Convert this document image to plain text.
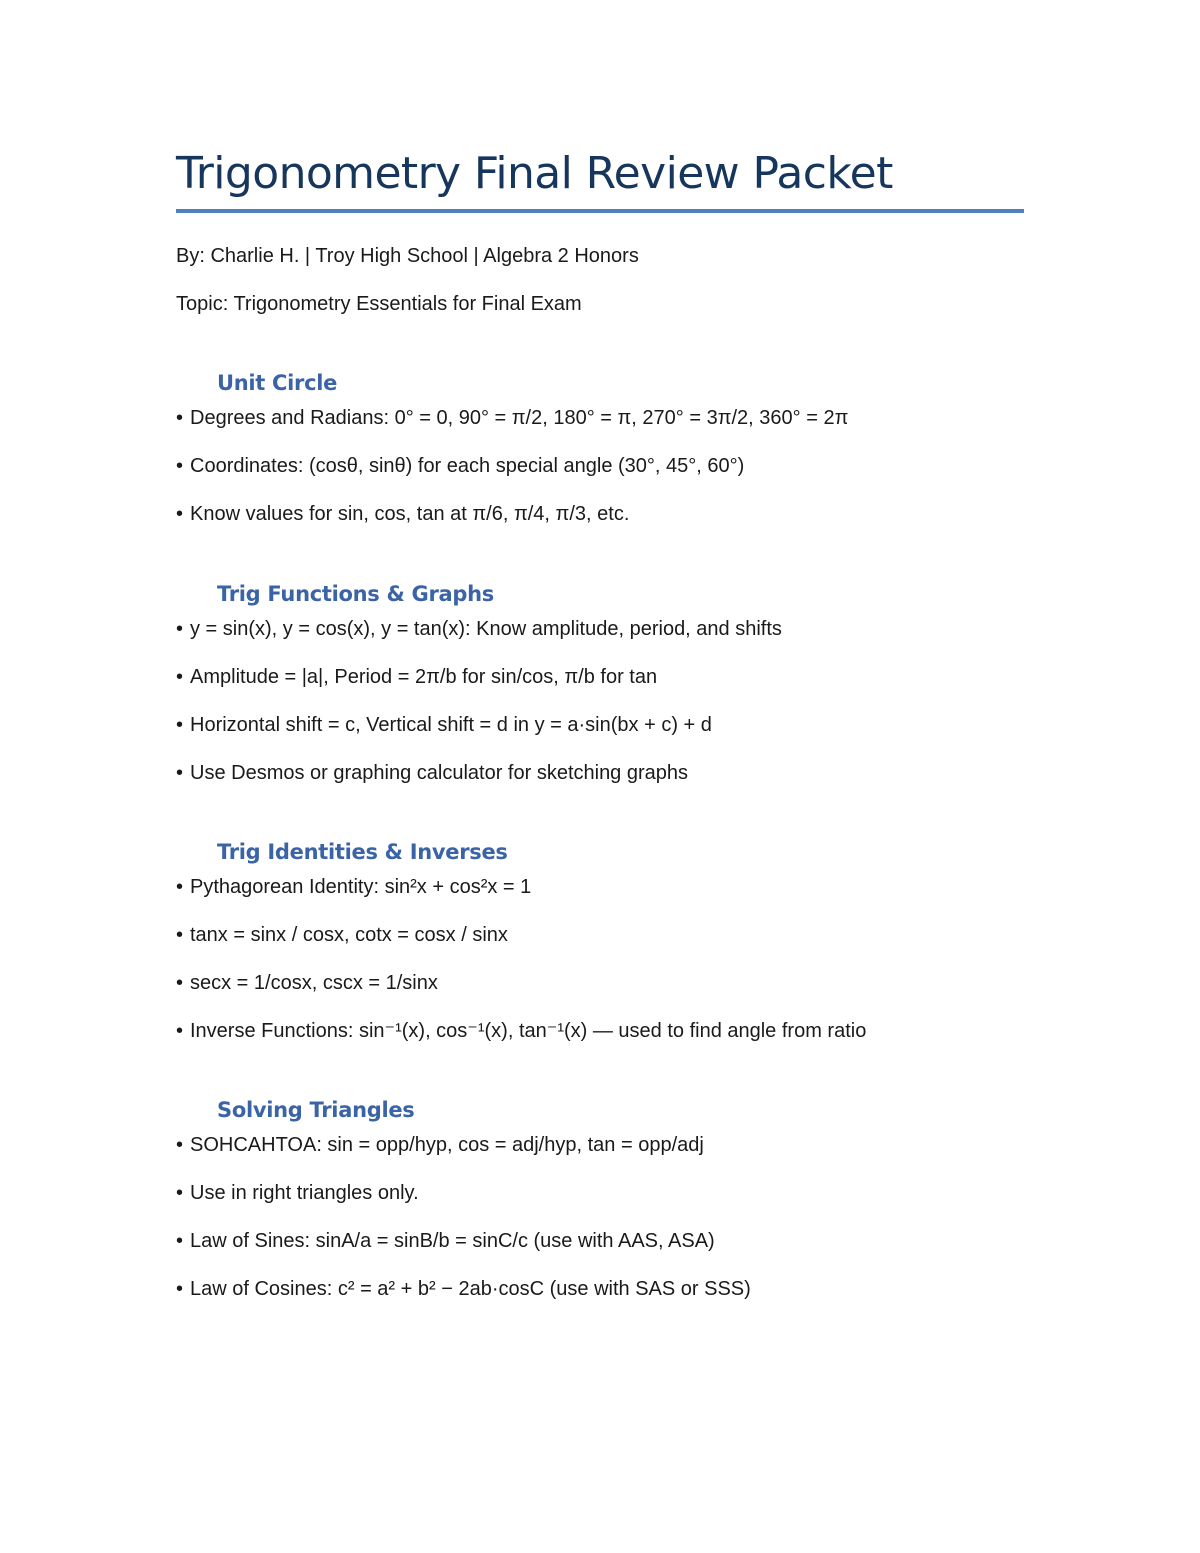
Trigonometry Final Review Packet

By: Charlie H. | Troy High School | Algebra 2 Honors

Topic: Trigonometry Essentials for Final Exam

Unit Circle

• Degrees and Radians: 0° = 0, 90° = π/2, 180° = π, 270° = 3π/2, 360° = 2π

• Coordinates: (cosθ, sinθ) for each special angle (30°, 45°, 60°)

• Know values for sin, cos, tan at π/6, π/4, π/3, etc.

Trig Functions & Graphs

• y = sin(x), y = cos(x), y = tan(x): Know amplitude, period, and shifts

• Amplitude = |a|, Period = 2π/b for sin/cos, π/b for tan

• Horizontal shift = c, Vertical shift = d in y = a·sin(bx + c) + d

• Use Desmos or graphing calculator for sketching graphs

Trig Identities & Inverses

• Pythagorean Identity: sin²x + cos²x = 1

• tanx = sinx / cosx, cotx = cosx / sinx

• secx = 1/cosx, cscx = 1/sinx

• Inverse Functions: sin⁻¹(x), cos⁻¹(x), tan⁻¹(x) — used to find angle from ratio

Solving Triangles

• SOHCAHTOA: sin = opp/hyp, cos = adj/hyp, tan = opp/adj

• Use in right triangles only.

• Law of Sines: sinA/a = sinB/b = sinC/c (use with AAS, ASA)

• Law of Cosines: c² = a² + b² − 2ab·cosC (use with SAS or SSS)
